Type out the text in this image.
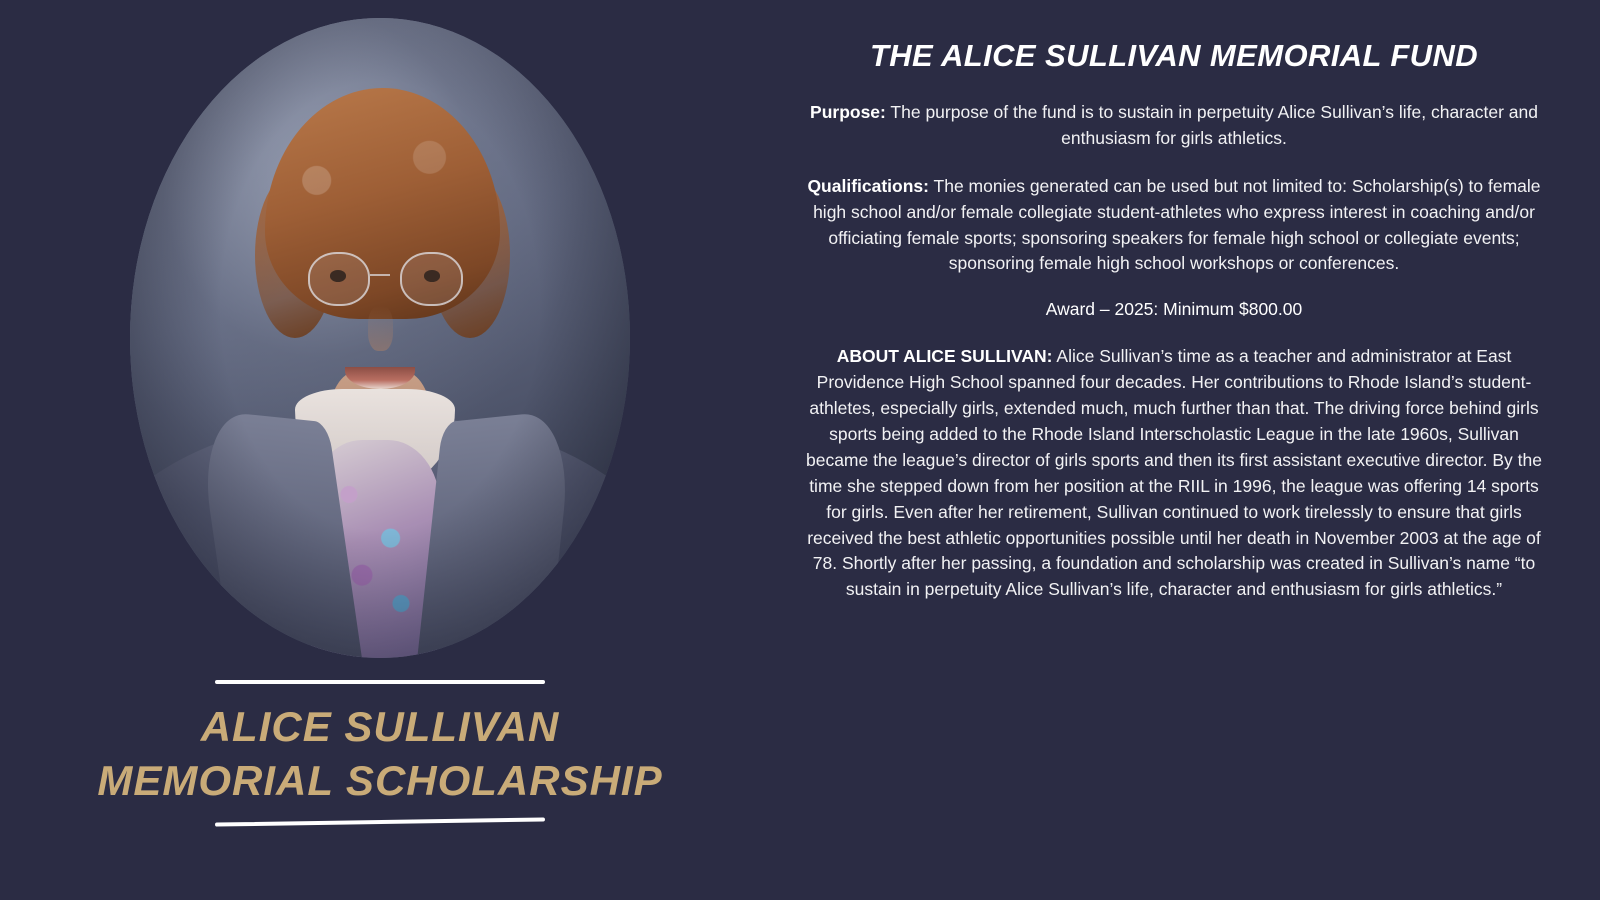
ALICE SULLIVAN
MEMORIAL SCHOLARSHIP
THE ALICE SULLIVAN MEMORIAL FUND

Purpose: The purpose of the fund is to sustain in perpetuity Alice Sullivan’s life, character and enthusiasm for girls athletics.

Qualifications: The monies generated can be used but not limited to: Scholarship(s) to female high school and/or female collegiate student-athletes who express interest in coaching and/or officiating female sports; sponsoring speakers for female high school or collegiate events; sponsoring female high school workshops or conferences.

Award – 2025: Minimum $800.00

ABOUT ALICE SULLIVAN: Alice Sullivan’s time as a teacher and administrator at East Providence High School spanned four decades. Her contributions to Rhode Island’s student-athletes, especially girls, extended much, much further than that. The driving force behind girls sports being added to the Rhode Island Interscholastic League in the late 1960s, Sullivan became the league’s director of girls sports and then its first assistant executive director. By the time she stepped down from her position at the RIIL in 1996, the league was offering 14 sports for girls. Even after her retirement, Sullivan continued to work tirelessly to ensure that girls received the best athletic opportunities possible until her death in November 2003 at the age of 78. Shortly after her passing, a foundation and scholarship was created in Sullivan’s name “to sustain in perpetuity Alice Sullivan’s life, character and enthusiasm for girls athletics.”
